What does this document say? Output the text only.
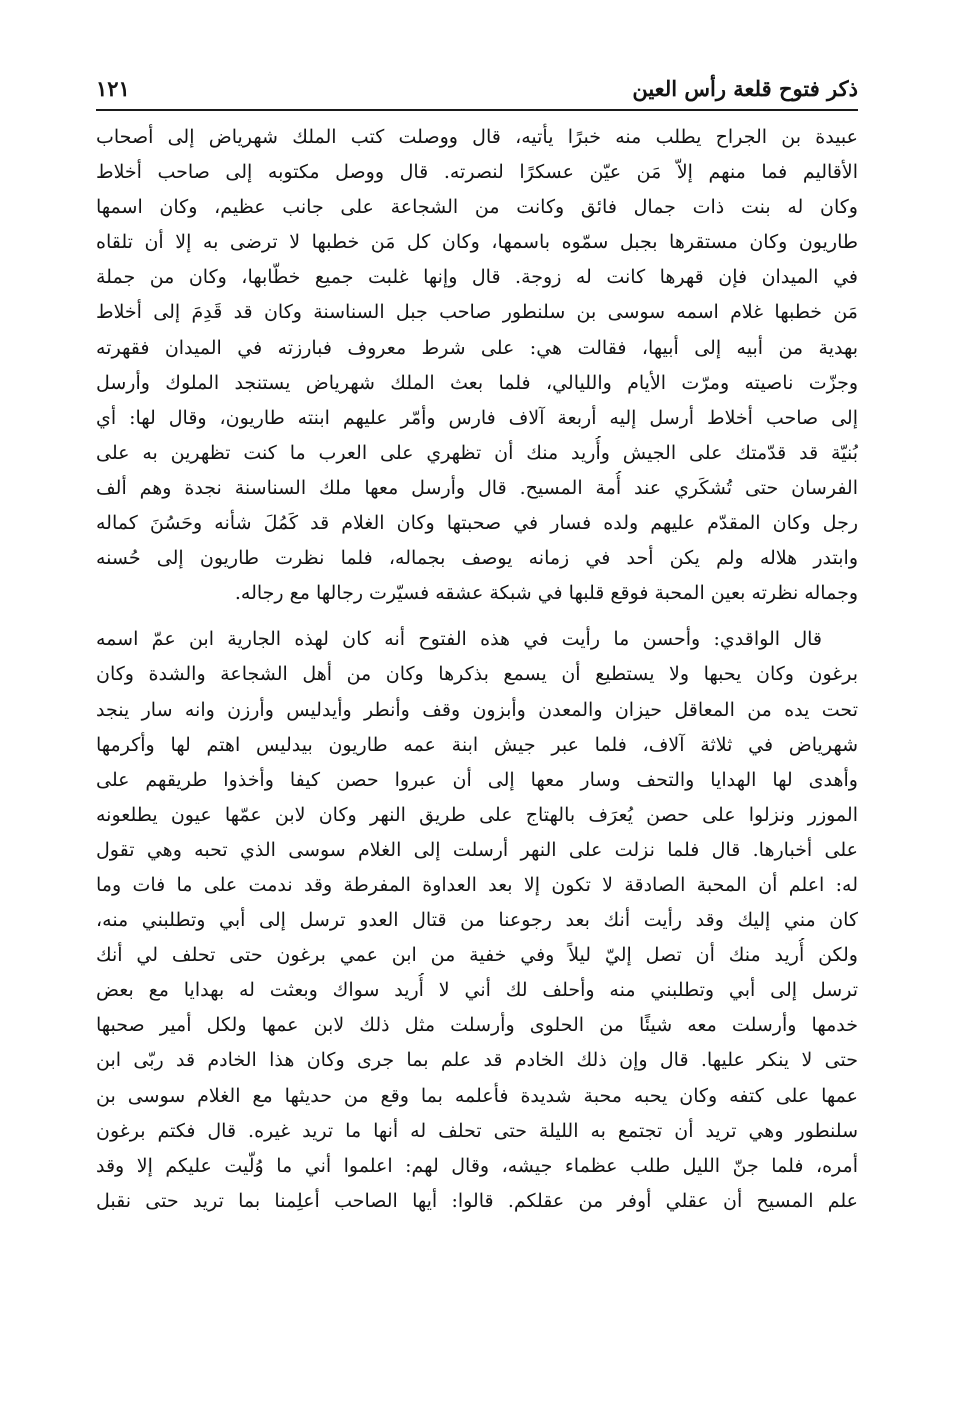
ذكر فتوح قلعة رأس العين
١٢١
عبيدة بن الجراح يطلب منه خبرًا يأتيه، قال ووصلت كتب الملك شهرياض إلى أصحاب
الأقاليم فما منهم إلاّ مَن عيّن عسكرًا لنصرته. قال ووصل مكتوبه إلى صاحب أخلاط
وكان له بنت ذات جمال فائق وكانت من الشجاعة على جانب عظيم، وكان اسمها
طاريون وكان مستقرها بجبل سمّوه باسمها، وكان كل مَن خطبها لا ترضى به إلا أن تلقاه
في الميدان فإن قهرها كانت له زوجة. قال وإنها غلبت جميع خطّابها، وكان من جملة
مَن خطبها غلام اسمه سوسى بن سلنطور صاحب جبل السناسنة وكان قد قَدِمَ إلى أخلاط
بهدية من أبيه إلى أبيها، فقالت هي: على شرط معروف فبارزته في الميدان فقهرته
وجزّت ناصيته ومرّت الأيام والليالي، فلما بعث الملك شهرياض يستنجد الملوك وأرسل
إلى صاحب أخلاط أرسل إليه أربعة آلاف فارس وأمّر عليهم ابنته طاريون، وقال لها: أي
بُنيّة قد قدّمتك على الجيش وأُريد منك أن تظهري على العرب ما كنت تظهرين به على
الفرسان حتى تُشكَري عند أُمة المسيح. قال وأرسل معها ملك السناسنة نجدة وهم ألف
رجل وكان المقدّم عليهم ولده فسار في صحبتها وكان الغلام قد كَمُلَ شأنه وحَسُنَ كماله
وابتدر هلاله ولم يكن أحد في زمانه يوصف بجماله، فلما نظرت طاريون إلى حُسنه
وجماله نظرته بعين المحبة فوقع قلبها في شبكة عشقه فسيّرت رجالها مع رجاله.
قال الواقدي: وأحسن ما رأيت في هذه الفتوح أنه كان لهذه الجارية ابن عمّ اسمه
برغون وكان يحبها ولا يستطيع أن يسمع بذكرها وكان من أهل الشجاعة والشدة وكان
تحت يده من المعاقل حيزان والمعدن وأبزون وقف وأنطر وأيدليس وأرزن وانه سار ينجد
شهرياض في ثلاثة آلاف، فلما عبر جيش ابنة عمه طاريون بيدليس اهتم لها وأكرمها
وأهدى لها الهدايا والتحف وسار معها إلى أن عبروا حصن كيفا وأخذوا طريقهم على
الموزر ونزلوا على حصن يُعرَف بالهتاج على طريق النهر وكان لابن عمّها عيون يطلعونه
على أخبارها. قال فلما نزلت على النهر أرسلت إلى الغلام سوسى الذي تحبه وهي تقول
له: اعلم أن المحبة الصادقة لا تكون إلا بعد العداوة المفرطة وقد ندمت على ما فات وما
كان مني إليك وقد رأيت أنك بعد رجوعنا من قتال العدو ترسل إلى أبي وتطلبني منه،
ولكن أُريد منك أن تصل إليّ ليلاً وفي خفية من ابن عمي برغون حتى تحلف لي أنك
ترسل إلى أبي وتطلبني منه وأحلف لك أني لا أُريد سواك وبعثت له بهدايا مع بعض
خدمها وأرسلت معه شيئًا من الحلوى وأرسلت مثل ذلك لابن عمها ولكل أمير صحبها
حتى لا ينكر عليها. قال وإن ذلك الخادم قد علم بما جرى وكان هذا الخادم قد ربّى ابن
عمها على كتفه وكان يحبه محبة شديدة فأعلمه بما وقع من حديثها مع الغلام سوسى بن
سلنطور وهي تريد أن تجتمع به الليلة حتى تحلف له أنها ما تريد غيره. قال فكتم برغون
أمره، فلما جنّ الليل طلب عظماء جيشه، وقال لهم: اعلموا أني ما وُلّيت عليكم إلا وقد
علم المسيح أن عقلي أوفر من عقلكم. قالوا: أيها الصاحب أعلِمنا بما تريد حتى نقبل
